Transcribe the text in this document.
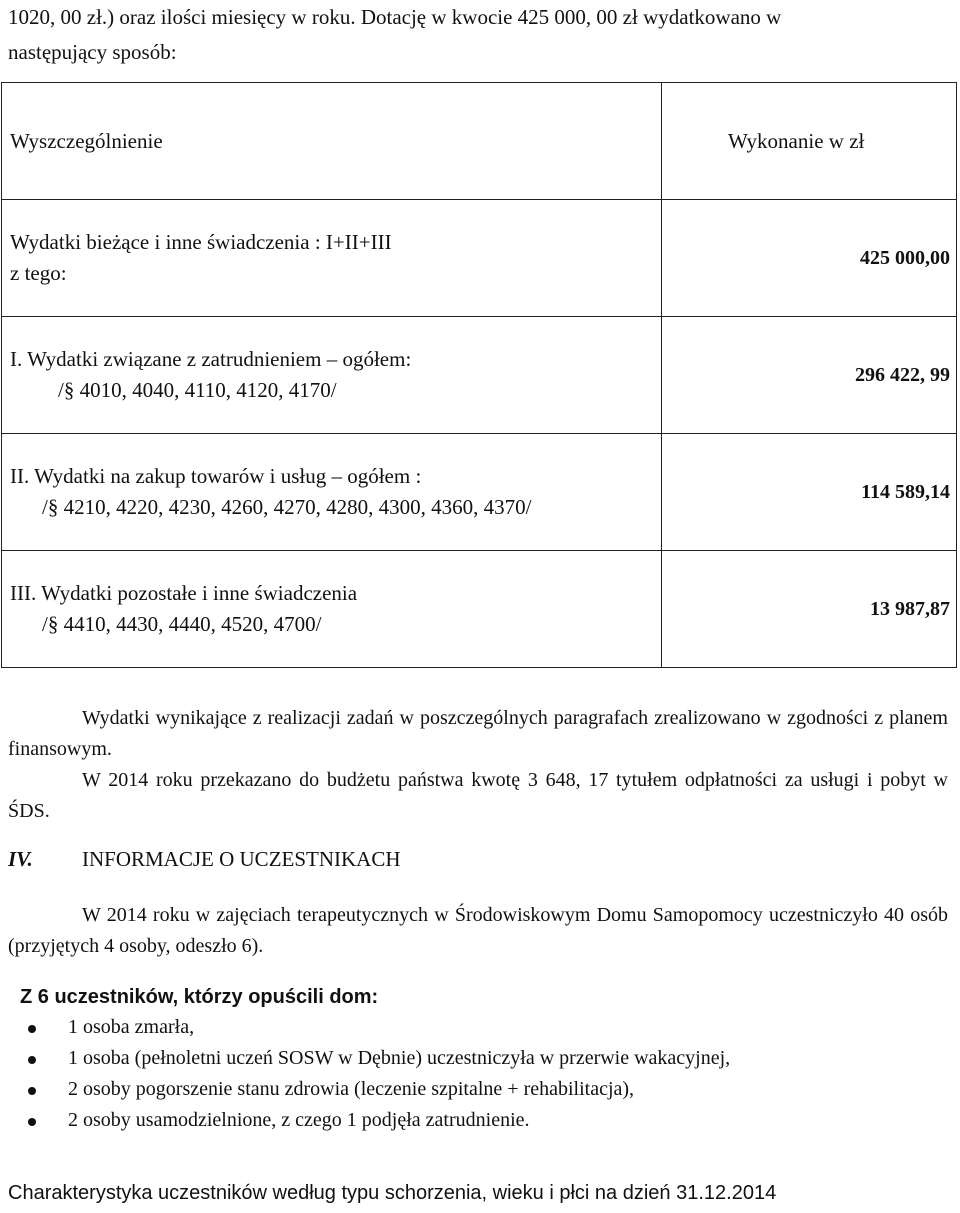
1020, 00 zł.) oraz ilości miesięcy w roku. Dotację w kwocie 425 000, 00 zł wydatkowano w
następujący sposób:

Wyszczególnienie	Wykonanie w zł

Wydatki bieżące i inne świadczenia : I+II+III
z tego:	425 000,00

I. Wydatki związane z zatrudnieniem – ogółem:
/§ 4010, 4040, 4110, 4120, 4170/	296 422, 99

II. Wydatki na zakup towarów i usług – ogółem :
/§ 4210, 4220, 4230, 4260, 4270, 4280, 4300, 4360, 4370/	114 589,14

III. Wydatki pozostałe i inne świadczenia
/§ 4410, 4430, 4440, 4520, 4700/	13 987,87

Wydatki wynikające z realizacji zadań w poszczególnych paragrafach zrealizowano w zgodności z planem finansowym.

W 2014 roku przekazano do budżetu państwa kwotę 3 648, 17 tytułem odpłatności za usługi i pobyt w ŚDS.

IV. INFORMACJE O UCZESTNIKACH

W 2014 roku w zajęciach terapeutycznych w Środowiskowym Domu Samopomocy uczestniczyło 40 osób (przyjętych 4 osoby, odeszło 6).

Z 6 uczestników, którzy opuścili dom:

1 osoba zmarła,
1 osoba (pełnoletni uczeń SOSW w Dębnie) uczestniczyła w przerwie wakacyjnej,
2 osoby pogorszenie stanu zdrowia (leczenie szpitalne + rehabilitacja),
2 osoby usamodzielnione, z czego 1 podjęła zatrudnienie.

Charakterystyka uczestników według typu schorzenia, wieku i płci na dzień 31.12.2014
